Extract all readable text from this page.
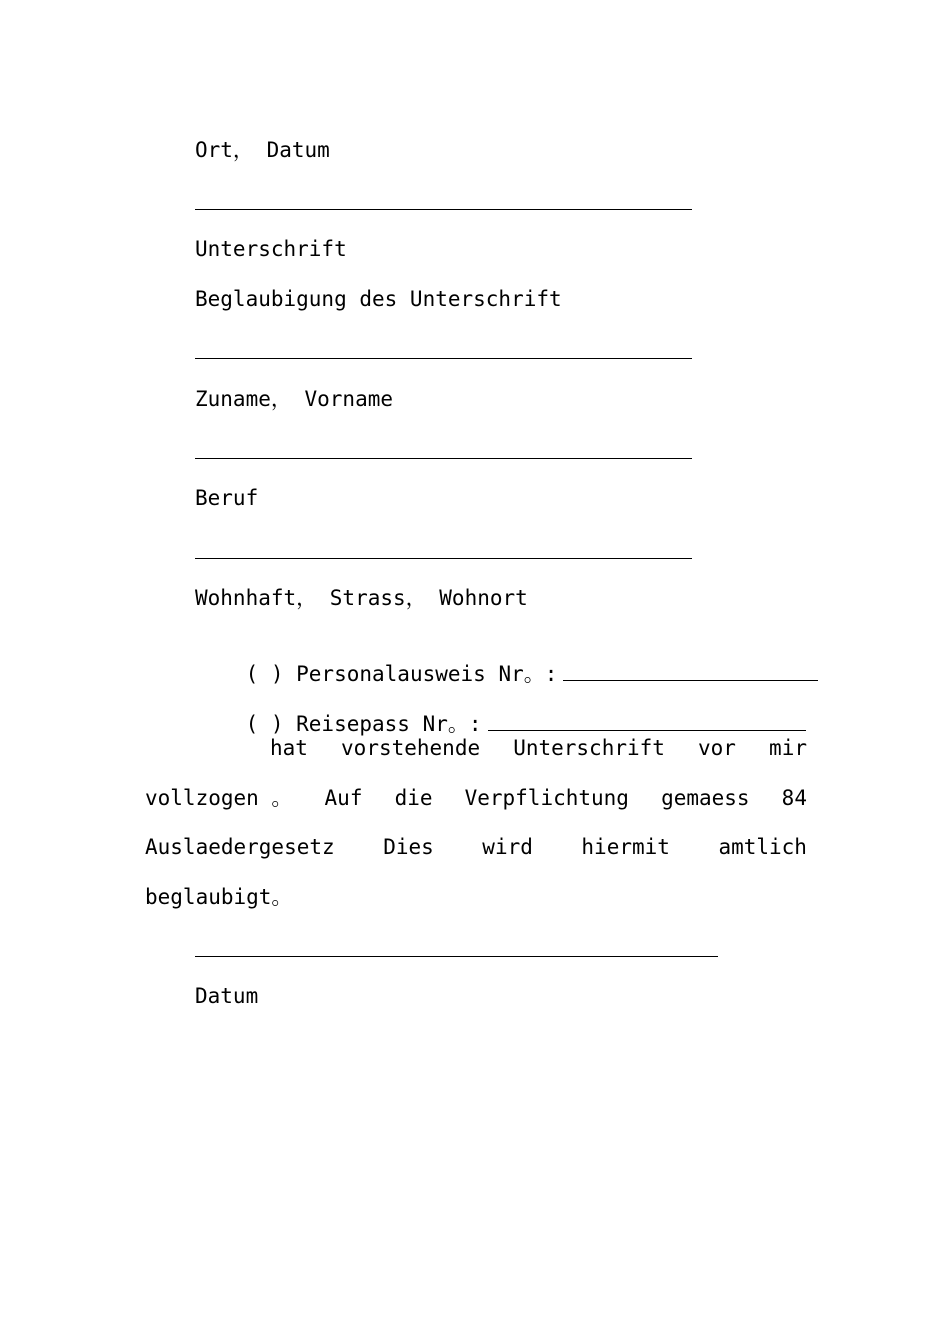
Ort， Datum
Unterschrift
Beglaubigung des Unterschrift
Zuname， Vorname
Beruf
Wohnhaft， Strass， Wohnort

( ) Personalausweis Nr。:

( ) Reisepass Nr。:

hat vorstehende Unterschrift vor mir
vollzogen 。 Auf die Verpflichtung gemaess 84
Auslaedergesetz Dies wird hiermit amtlich
beglaubigt。
Datum
